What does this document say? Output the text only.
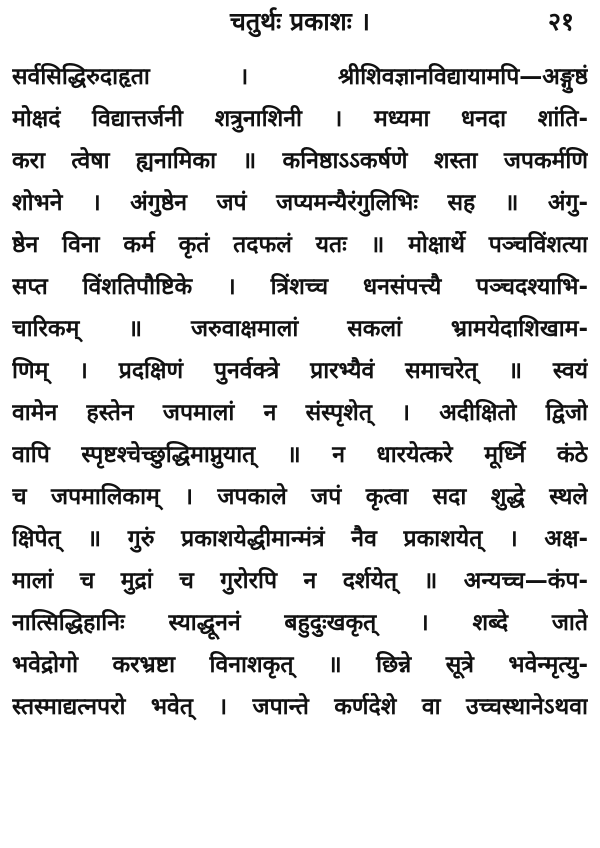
चतुर्थः प्रकाशः ।	२१
सर्वसिद्धिरुदाहृता । श्रीशिवज्ञानविद्यायामपि—अङ्गुष्ठं
मोक्षदं विद्यात्तर्जनी शत्रुनाशिनी । मध्यमा धनदा शांति-
करा त्वेषा ह्यनामिका ॥ कनिष्ठाऽऽकर्षणे शस्ता जपकर्मणि
शोभने । अंगुष्ठेन जपं जप्यमन्यैरंगुलिभिः सह ॥ अंगु-
ष्ठेन विना कर्म कृतं तदफलं यतः ॥ मोक्षार्थे पञ्चविंशत्या
सप्त विंशतिपौष्टिके । त्रिंशच्च धनसंपत्त्यै पञ्चदश्याभि-
चारिकम् ॥ जरुवाक्षमालां सकलां भ्रामयेदाशिखाम-
णिम् । प्रदक्षिणं पुनर्वक्त्रे प्रारभ्यैवं समाचरेत् ॥ स्वयं
वामेन हस्तेन जपमालां न संस्पृशेत् । अदीक्षितो द्विजो
वापि स्पृष्टश्चेच्छुद्धिमाप्नुयात् ॥ न धारयेत्करे मूर्ध्नि कंठे
च जपमालिकाम् । जपकाले जपं कृत्वा सदा शुद्धे स्थले
क्षिपेत् ॥ गुरुं प्रकाशयेद्धीमान्मंत्रं नैव प्रकाशयेत् । अक्ष-
मालां च मुद्रां च गुरोरपि न दर्शयेत् ॥ अन्यच्च—कंप-
नात्सिद्धिहानिः स्याद्धूननं बहुदुःखकृत् । शब्दे जाते
भवेद्रोगो करभ्रष्टा विनाशकृत् ॥ छिन्ने सूत्रे भवेन्मृत्यु-
स्तस्माद्यत्नपरो भवेत् । जपान्ते कर्णदेशे वा उच्चस्थानेऽथवा
